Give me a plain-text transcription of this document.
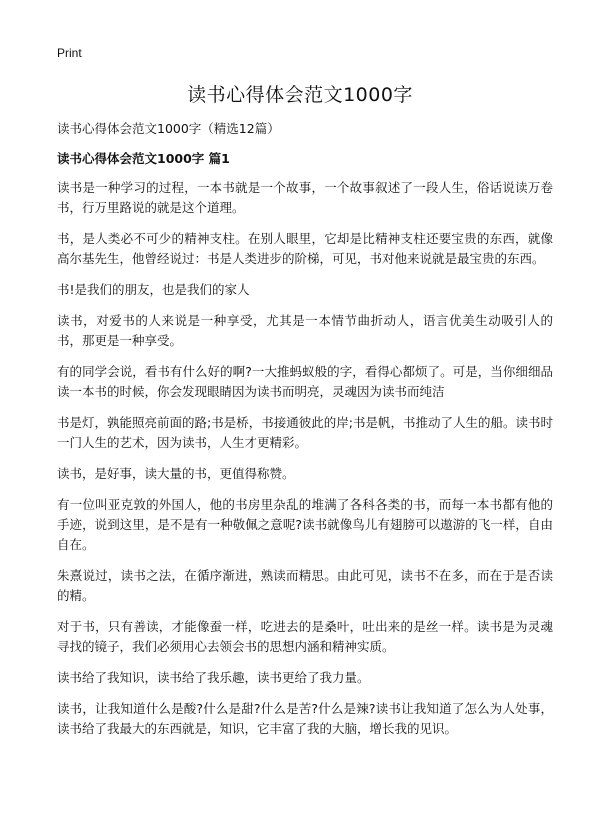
Print
读书心得体会范文1000字

读书心得体会范文1000字（精选12篇）

读书心得体会范文1000字 篇1

读书是一种学习的过程，一本书就是一个故事，一个故事叙述了一段人生，俗话说读万卷书，行万里路说的就是这个道理。

书，是人类必不可少的精神支柱。在别人眼里，它却是比精神支柱还要宝贵的东西，就像高尔基先生，他曾经说过：书是人类进步的阶梯，可见，书对他来说就是最宝贵的东西。

书!是我们的朋友，也是我们的家人

读书，对爱书的人来说是一种享受，尤其是一本情节曲折动人，语言优美生动吸引人的书，那更是一种享受。

有的同学会说，看书有什么好的啊?一大推蚂蚁般的字，看得心都烦了。可是，当你细细品读一本书的时候，你会发现眼睛因为读书而明亮，灵魂因为读书而纯洁

书是灯，孰能照亮前面的路;书是桥，书接通彼此的岸;书是帆，书推动了人生的船。读书时一门人生的艺术，因为读书，人生才更精彩。

读书，是好事，读大量的书，更值得称赞。

有一位叫亚克敦的外国人，他的书房里杂乱的堆满了各科各类的书，而每一本书都有他的手迹，说到这里，是不是有一种敬佩之意呢?读书就像鸟儿有翅膀可以遨游的飞一样，自由自在。

朱熹说过，读书之法，在循序渐进，熟读而精思。由此可见，读书不在多，而在于是否读的精。

对于书，只有善读，才能像蚕一样，吃进去的是桑叶，吐出来的是丝一样。读书是为灵魂寻找的镜子，我们必须用心去领会书的思想内涵和精神实质。

读书给了我知识，读书给了我乐趣，读书更给了我力量。

读书，让我知道什么是酸?什么是甜?什么是苦?什么是辣?读书让我知道了怎么为人处事，读书给了我最大的东西就是，知识，它丰富了我的大脑，增长我的见识。
